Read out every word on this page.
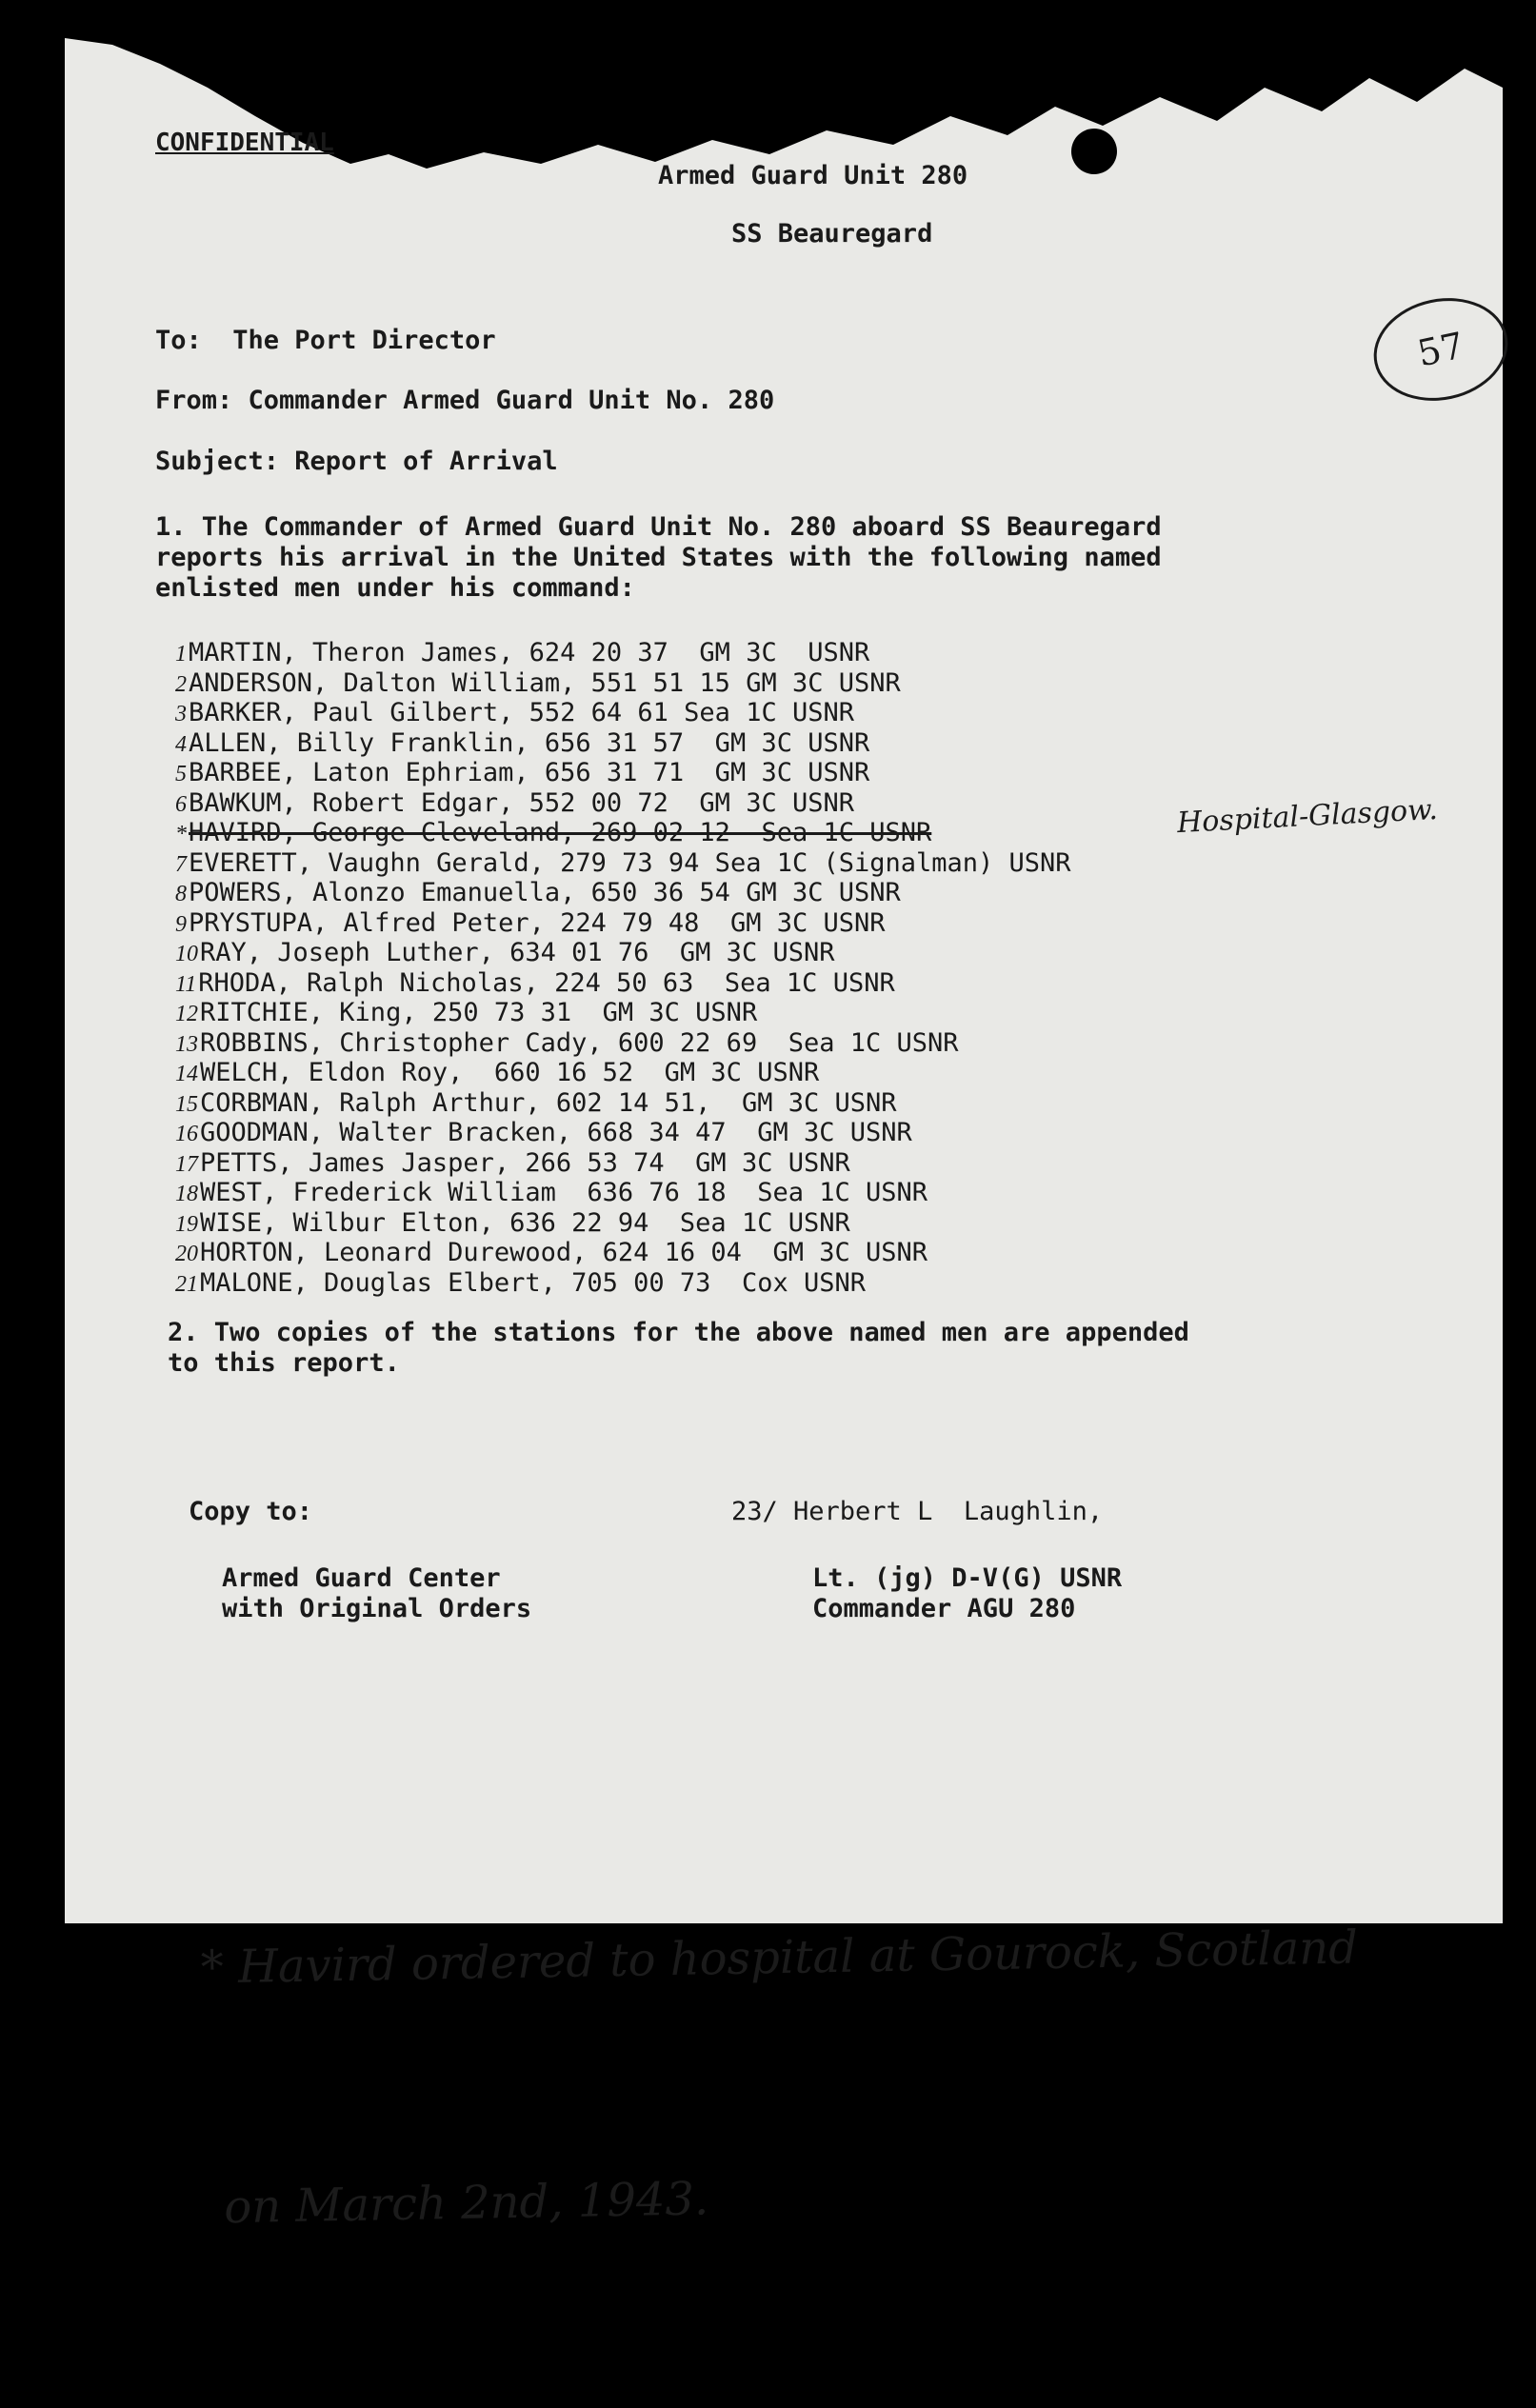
CONFIDENTIAL
Armed Guard Unit 280
SS Beauregard
57
To:  The Port Director
From: Commander Armed Guard Unit No. 280
Subject: Report of Arrival
1. The Commander of Armed Guard Unit No. 280 aboard SS Beauregard
reports his arrival in the United States with the following named
enlisted men under his command:
1MARTIN, Theron James, 624 20 37  GM 3C  USNR
2ANDERSON, Dalton William, 551 51 15 GM 3C USNR
3BARKER, Paul Gilbert, 552 64 61 Sea 1C USNR
4ALLEN, Billy Franklin, 656 31 57  GM 3C USNR
5BARBEE, Laton Ephriam, 656 31 71  GM 3C USNR
6BAWKUM, Robert Edgar, 552 00 72  GM 3C USNR
*HAVIRD, George Cleveland, 269 02 12  Sea 1C USNR
7EVERETT, Vaughn Gerald, 279 73 94 Sea 1C (Signalman) USNR
8POWERS, Alonzo Emanuella, 650 36 54 GM 3C USNR
9PRYSTUPA, Alfred Peter, 224 79 48  GM 3C USNR
10RAY, Joseph Luther, 634 01 76  GM 3C USNR
11RHODA, Ralph Nicholas, 224 50 63  Sea 1C USNR
12RITCHIE, King, 250 73 31  GM 3C USNR
13ROBBINS, Christopher Cady, 600 22 69  Sea 1C USNR
14WELCH, Eldon Roy,  660 16 52  GM 3C USNR
15CORBMAN, Ralph Arthur, 602 14 51,  GM 3C USNR
16GOODMAN, Walter Bracken, 668 34 47  GM 3C USNR
17PETTS, James Jasper, 266 53 74  GM 3C USNR
18WEST, Frederick William  636 76 18  Sea 1C USNR
19WISE, Wilbur Elton, 636 22 94  Sea 1C USNR
20HORTON, Leonard Durewood, 624 16 04  GM 3C USNR
21MALONE, Douglas Elbert, 705 00 73  Cox USNR
Hospital-Glasgow.
2. Two copies of the stations for the above named men are appended
to this report.
Copy to:
Armed Guard Center
with Original Orders
23/ Herbert L  Laughlin,
Lt. (jg) D-V(G) USNR
Commander AGU 280

* Havird ordered to hospital at Gourock, Scotland

on March 2nd, 1943.
